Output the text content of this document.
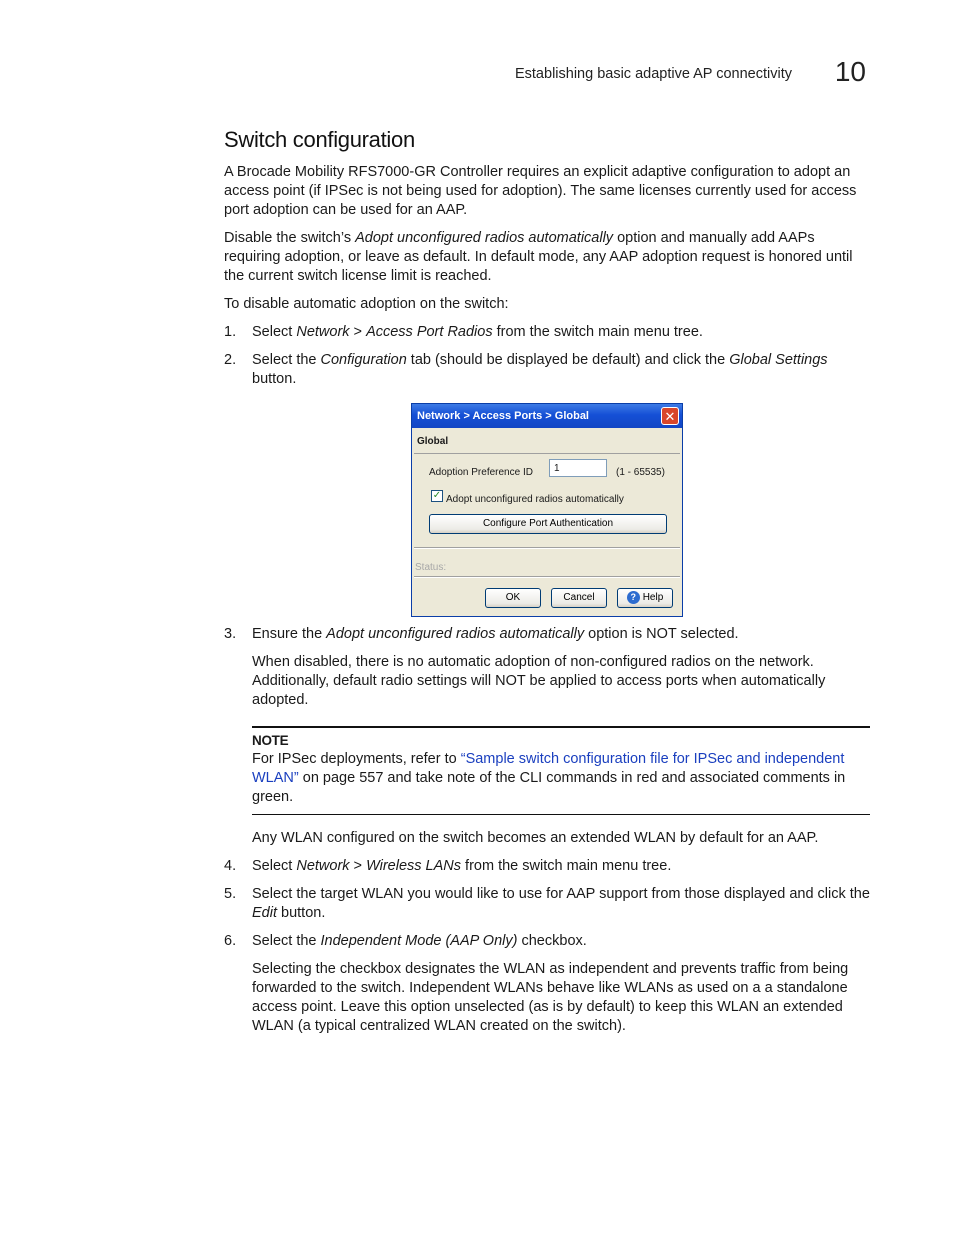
Establishing basic adaptive AP connectivity 10
Switch configuration

A Brocade Mobility RFS7000-GR Controller requires an explicit adaptive configuration to adopt an access point (if IPSec is not being used for adoption). The same licenses currently used for access port adoption can be used for an AAP.

Disable the switch’s Adopt unconfigured radios automatically option and manually add AAPs requiring adoption, or leave as default. In default mode, any AAP adoption request is honored until the current switch license limit is reached.

To disable automatic adoption on the switch:

1.	Select Network > Access Port Radios from the switch main menu tree.
2.	Select the Configuration tab (should be displayed be default) and click the Global Settings button.
Network > Access Ports > Global	✕
Global
Adoption Preference ID	1	(1 - 65535)
✓ Adopt unconfigured radios automatically
Configure Port Authentication
Status:
OK	Cancel	? Help
3.	Ensure the Adopt unconfigured radios automatically option is NOT selected.

When disabled, there is no automatic adoption of non-configured radios on the network. Additionally, default radio settings will NOT be applied to access ports when automatically adopted.

NOTE
For IPSec deployments, refer to “Sample switch configuration file for IPSec and independent WLAN” on page 557 and take note of the CLI commands in red and associated comments in green.

Any WLAN configured on the switch becomes an extended WLAN by default for an AAP.

4.	Select Network > Wireless LANs from the switch main menu tree.
5.	Select the target WLAN you would like to use for AAP support from those displayed and click the Edit button.
6.	Select the Independent Mode (AAP Only) checkbox.

Selecting the checkbox designates the WLAN as independent and prevents traffic from being forwarded to the switch. Independent WLANs behave like WLANs as used on a a standalone access point. Leave this option unselected (as is by default) to keep this WLAN an extended WLAN (a typical centralized WLAN created on the switch).
